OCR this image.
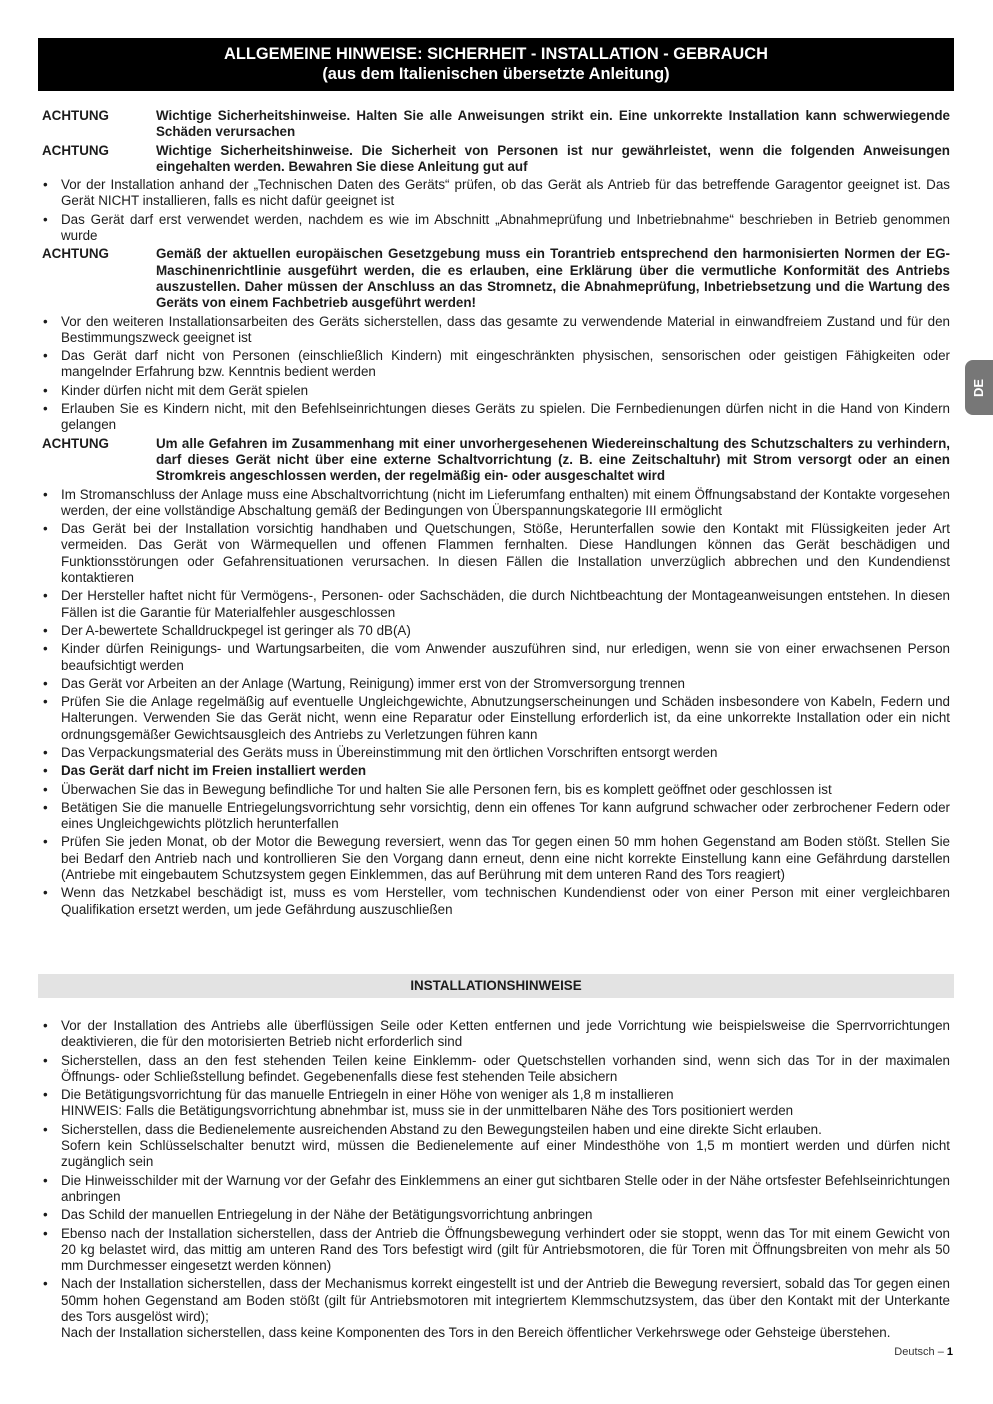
ALLGEMEINE HINWEISE: SICHERHEIT - INSTALLATION - GEBRAUCH
(aus dem Italienischen übersetzte Anleitung)
DE
ACHTUNG	Wichtige Sicherheitshinweise. Halten Sie alle Anweisungen strikt ein. Eine unkorrekte Installation kann schwerwiegende Schäden verursachen
ACHTUNG	Wichtige Sicherheitshinweise. Die Sicherheit von Personen ist nur gewährleistet, wenn die folgenden Anweisungen eingehalten werden. Bewahren Sie diese Anleitung gut auf
• Vor der Installation anhand der „Technischen Daten des Geräts“ prüfen, ob das Gerät als Antrieb für das betreffende Garagentor geeignet ist. Das Gerät NICHT installieren, falls es nicht dafür geeignet ist
• Das Gerät darf erst verwendet werden, nachdem es wie im Abschnitt „Abnahmeprüfung und Inbetriebnahme“ beschrieben in Betrieb genommen wurde
ACHTUNG	Gemäß der aktuellen europäischen Gesetzgebung muss ein Torantrieb entsprechend den harmonisierten Normen der EG-Maschinenrichtlinie ausgeführt werden, die es erlauben, eine Erklärung über die vermutliche Konformität des Antriebs auszustellen. Daher müssen der Anschluss an das Stromnetz, die Abnahmeprüfung, Inbetriebsetzung und die Wartung des Geräts von einem Fachbetrieb ausgeführt werden!
• Vor den weiteren Installationsarbeiten des Geräts sicherstellen, dass das gesamte zu verwendende Material in einwandfreiem Zustand und für den Bestimmungszweck geeignet ist
• Das Gerät darf nicht von Personen (einschließlich Kindern) mit eingeschränkten physischen, sensorischen oder geistigen Fähigkeiten oder mangelnder Erfahrung bzw. Kenntnis bedient werden
• Kinder dürfen nicht mit dem Gerät spielen
• Erlauben Sie es Kindern nicht, mit den Befehlseinrichtungen dieses Geräts zu spielen. Die Fernbedienungen dürfen nicht in die Hand von Kindern gelangen
ACHTUNG	Um alle Gefahren im Zusammenhang mit einer unvorhergesehenen Wiedereinschaltung des Schutzschalters zu verhindern, darf dieses Gerät nicht über eine externe Schaltvorrichtung (z. B. eine Zeitschaltuhr) mit Strom versorgt oder an einen Stromkreis angeschlossen werden, der regelmäßig ein- oder ausgeschaltet wird
• Im Stromanschluss der Anlage muss eine Abschaltvorrichtung (nicht im Lieferumfang enthalten) mit einem Öffnungsabstand der Kontakte vorgesehen werden, der eine vollständige Abschaltung gemäß der Bedingungen von Überspannungskategorie III ermöglicht
• Das Gerät bei der Installation vorsichtig handhaben und Quetschungen, Stöße, Herunterfallen sowie den Kontakt mit Flüssigkeiten jeder Art vermeiden. Das Gerät von Wärmequellen und offenen Flammen fernhalten. Diese Handlungen können das Gerät beschädigen und Funktionsstörungen oder Gefahrensituationen verursachen. In diesen Fällen die Installation unverzüglich abbrechen und den Kundendienst kontaktieren
• Der Hersteller haftet nicht für Vermögens-, Personen- oder Sachschäden, die durch Nichtbeachtung der Montageanweisungen entstehen. In diesen Fällen ist die Garantie für Materialfehler ausgeschlossen
• Der A-bewertete Schalldruckpegel ist geringer als 70 dB(A)
• Kinder dürfen Reinigungs- und Wartungsarbeiten, die vom Anwender auszuführen sind, nur erledigen, wenn sie von einer erwachsenen Person beaufsichtigt werden
• Das Gerät vor Arbeiten an der Anlage (Wartung, Reinigung) immer erst von der Stromversorgung trennen
• Prüfen Sie die Anlage regelmäßig auf eventuelle Ungleichgewichte, Abnutzungserscheinungen und Schäden insbesondere von Kabeln, Federn und Halterungen. Verwenden Sie das Gerät nicht, wenn eine Reparatur oder Einstellung erforderlich ist, da eine unkorrekte Installation oder ein nicht ordnungsgemäßer Gewichtsausgleich des Antriebs zu Verletzungen führen kann
• Das Verpackungsmaterial des Geräts muss in Übereinstimmung mit den örtlichen Vorschriften entsorgt werden
• Das Gerät darf nicht im Freien installiert werden
• Überwachen Sie das in Bewegung befindliche Tor und halten Sie alle Personen fern, bis es komplett geöffnet oder geschlossen ist
• Betätigen Sie die manuelle Entriegelungsvorrichtung sehr vorsichtig, denn ein offenes Tor kann aufgrund schwacher oder zerbrochener Federn oder eines Ungleichgewichts plötzlich herunterfallen
• Prüfen Sie jeden Monat, ob der Motor die Bewegung reversiert, wenn das Tor gegen einen 50 mm hohen Gegenstand am Boden stößt. Stellen Sie bei Bedarf den Antrieb nach und kontrollieren Sie den Vorgang dann erneut, denn eine nicht korrekte Einstellung kann eine Gefährdung darstellen (Antriebe mit eingebautem Schutzsystem gegen Einklemmen, das auf Berührung mit dem unteren Rand des Tors reagiert)
• Wenn das Netzkabel beschädigt ist, muss es vom Hersteller, vom technischen Kundendienst oder von einer Person mit einer vergleichbaren Qualifikation ersetzt werden, um jede Gefährdung auszuschließen
INSTALLATIONSHINWEISE
• Vor der Installation des Antriebs alle überflüssigen Seile oder Ketten entfernen und jede Vorrichtung wie beispielsweise die Sperrvorrichtungen deaktivieren, die für den motorisierten Betrieb nicht erforderlich sind
• Sicherstellen, dass an den fest stehenden Teilen keine Einklemm- oder Quetschstellen vorhanden sind, wenn sich das Tor in der maximalen Öffnungs- oder Schließstellung befindet. Gegebenenfalls diese fest stehenden Teile absichern
• Die Betätigungsvorrichtung für das manuelle Entriegeln in einer Höhe von weniger als 1,8 m installieren
HINWEIS: Falls die Betätigungsvorrichtung abnehmbar ist, muss sie in der unmittelbaren Nähe des Tors positioniert werden
• Sicherstellen, dass die Bedienelemente ausreichenden Abstand zu den Bewegungsteilen haben und eine direkte Sicht erlauben.
Sofern kein Schlüsselschalter benutzt wird, müssen die Bedienelemente auf einer Mindesthöhe von 1,5 m montiert werden und dürfen nicht zugänglich sein
• Die Hinweisschilder mit der Warnung vor der Gefahr des Einklemmens an einer gut sichtbaren Stelle oder in der Nähe ortsfester Befehlseinrichtungen anbringen
• Das Schild der manuellen Entriegelung in der Nähe der Betätigungsvorrichtung anbringen
• Ebenso nach der Installation sicherstellen, dass der Antrieb die Öffnungsbewegung verhindert oder sie stoppt, wenn das Tor mit einem Gewicht von 20 kg belastet wird, das mittig am unteren Rand des Tors befestigt wird (gilt für Antriebsmotoren, die für Toren mit Öffnungsbreiten von mehr als 50 mm Durchmesser eingesetzt werden können)
• Nach der Installation sicherstellen, dass der Mechanismus korrekt eingestellt ist und der Antrieb die Bewegung reversiert, sobald das Tor gegen einen 50mm hohen Gegenstand am Boden stößt (gilt für Antriebsmotoren mit integriertem Klemmschutzsystem, das über den Kontakt mit der Unterkante des Tors ausgelöst wird);
Nach der Installation sicherstellen, dass keine Komponenten des Tors in den Bereich öffentlicher Verkehrswege oder Gehsteige überstehen.
Deutsch – 1
